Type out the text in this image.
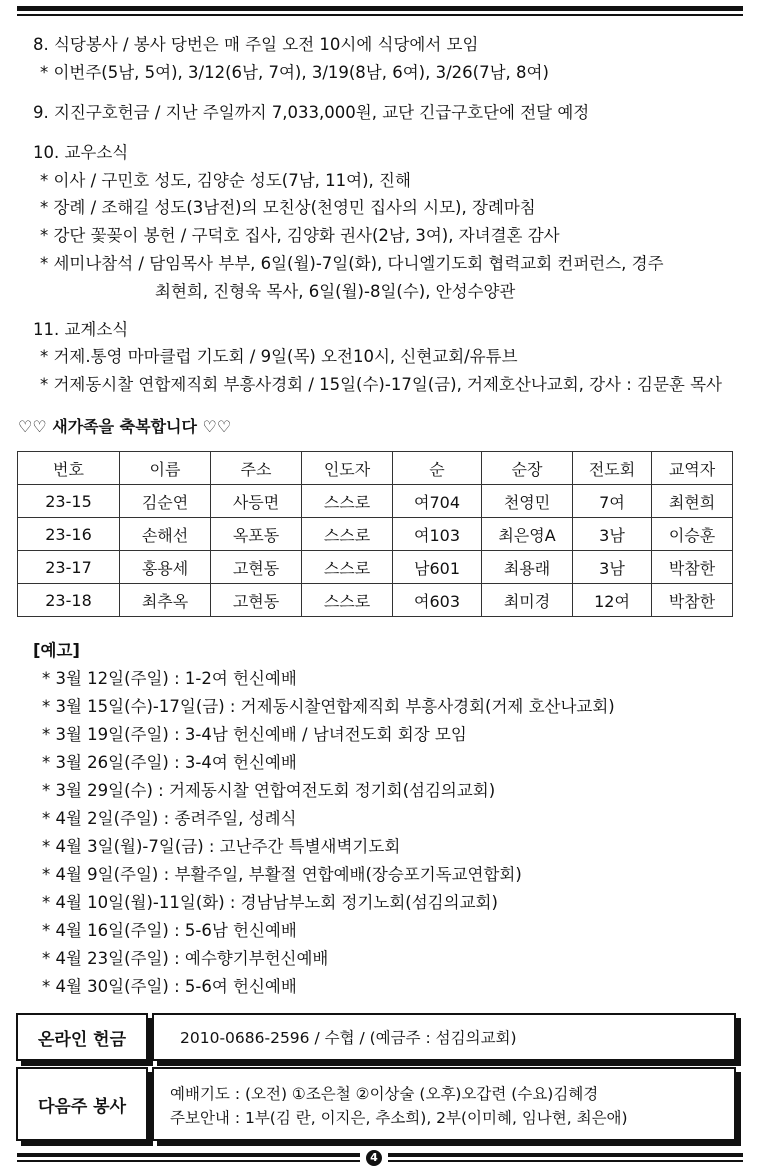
8. 식당봉사 / 봉사 당번은 매 주일 오전 10시에 식당에서 모임
* 이번주(5남, 5여), 3/12(6남, 7여), 3/19(8남, 6여), 3/26(7남, 8여)
9. 지진구호헌금 / 지난 주일까지 7,033,000원, 교단 긴급구호단에 전달 예정
10. 교우소식
* 이사 / 구민호 성도, 김양순 성도(7남, 11여), 진해
* 장례 / 조해길 성도(3남전)의 모친상(천영민 집사의 시모), 장례마침
* 강단 꽃꽂이 봉헌 / 구덕호 집사, 김양화 권사(2남, 3여), 자녀결혼 감사
* 세미나참석 / 담임목사 부부, 6일(월)-7일(화), 다니엘기도회 협력교회 컨퍼런스, 경주
최현희, 진형욱 목사, 6일(월)-8일(수), 안성수양관
11. 교계소식
* 거제.통영 마마클럽 기도회 / 9일(목) 오전10시, 신현교회/유튜브
* 거제동시찰 연합제직회 부흥사경회 / 15일(수)-17일(금), 거제호산나교회, 강사 : 김문훈 목사
♡♡ 새가족을 축복합니다 ♡♡
번호	이름	주소	인도자	순	순장	전도회	교역자
23-15	김순연	사등면	스스로	여704	천영민	7여	최현희
23-16	손해선	옥포동	스스로	여103	최은영A	3남	이승훈
23-17	홍용세	고현동	스스로	남601	최용래	3남	박참한
23-18	최추옥	고현동	스스로	여603	최미경	12여	박참한
[예고]
* 3월 12일(주일) : 1-2여 헌신예배
* 3월 15일(수)-17일(금) : 거제동시찰연합제직회 부흥사경회(거제 호산나교회)
* 3월 19일(주일) : 3-4남 헌신예배 / 남녀전도회 회장 모임
* 3월 26일(주일) : 3-4여 헌신예배
* 3월 29일(수) : 거제동시찰 연합여전도회 정기회(섬김의교회)
* 4월 2일(주일) : 종려주일, 성례식
* 4월 3일(월)-7일(금) : 고난주간 특별새벽기도회
* 4월 9일(주일) : 부활주일, 부활절 연합예배(장승포기독교연합회)
* 4월 10일(월)-11일(화) : 경남남부노회 정기노회(섬김의교회)
* 4월 16일(주일) : 5-6남 헌신예배
* 4월 23일(주일) : 예수향기부헌신예배
* 4월 30일(주일) : 5-6여 헌신예배
온라인 헌금	2010-0686-2596 / 수협 / (예금주 : 섬김의교회)
다음주 봉사
예배기도 : (오전) ①조은철 ②이상술 (오후)오갑련 (수요)김혜경
주보안내 : 1부(김 란, 이지은, 추소희), 2부(이미혜, 임나현, 최은애)
4
